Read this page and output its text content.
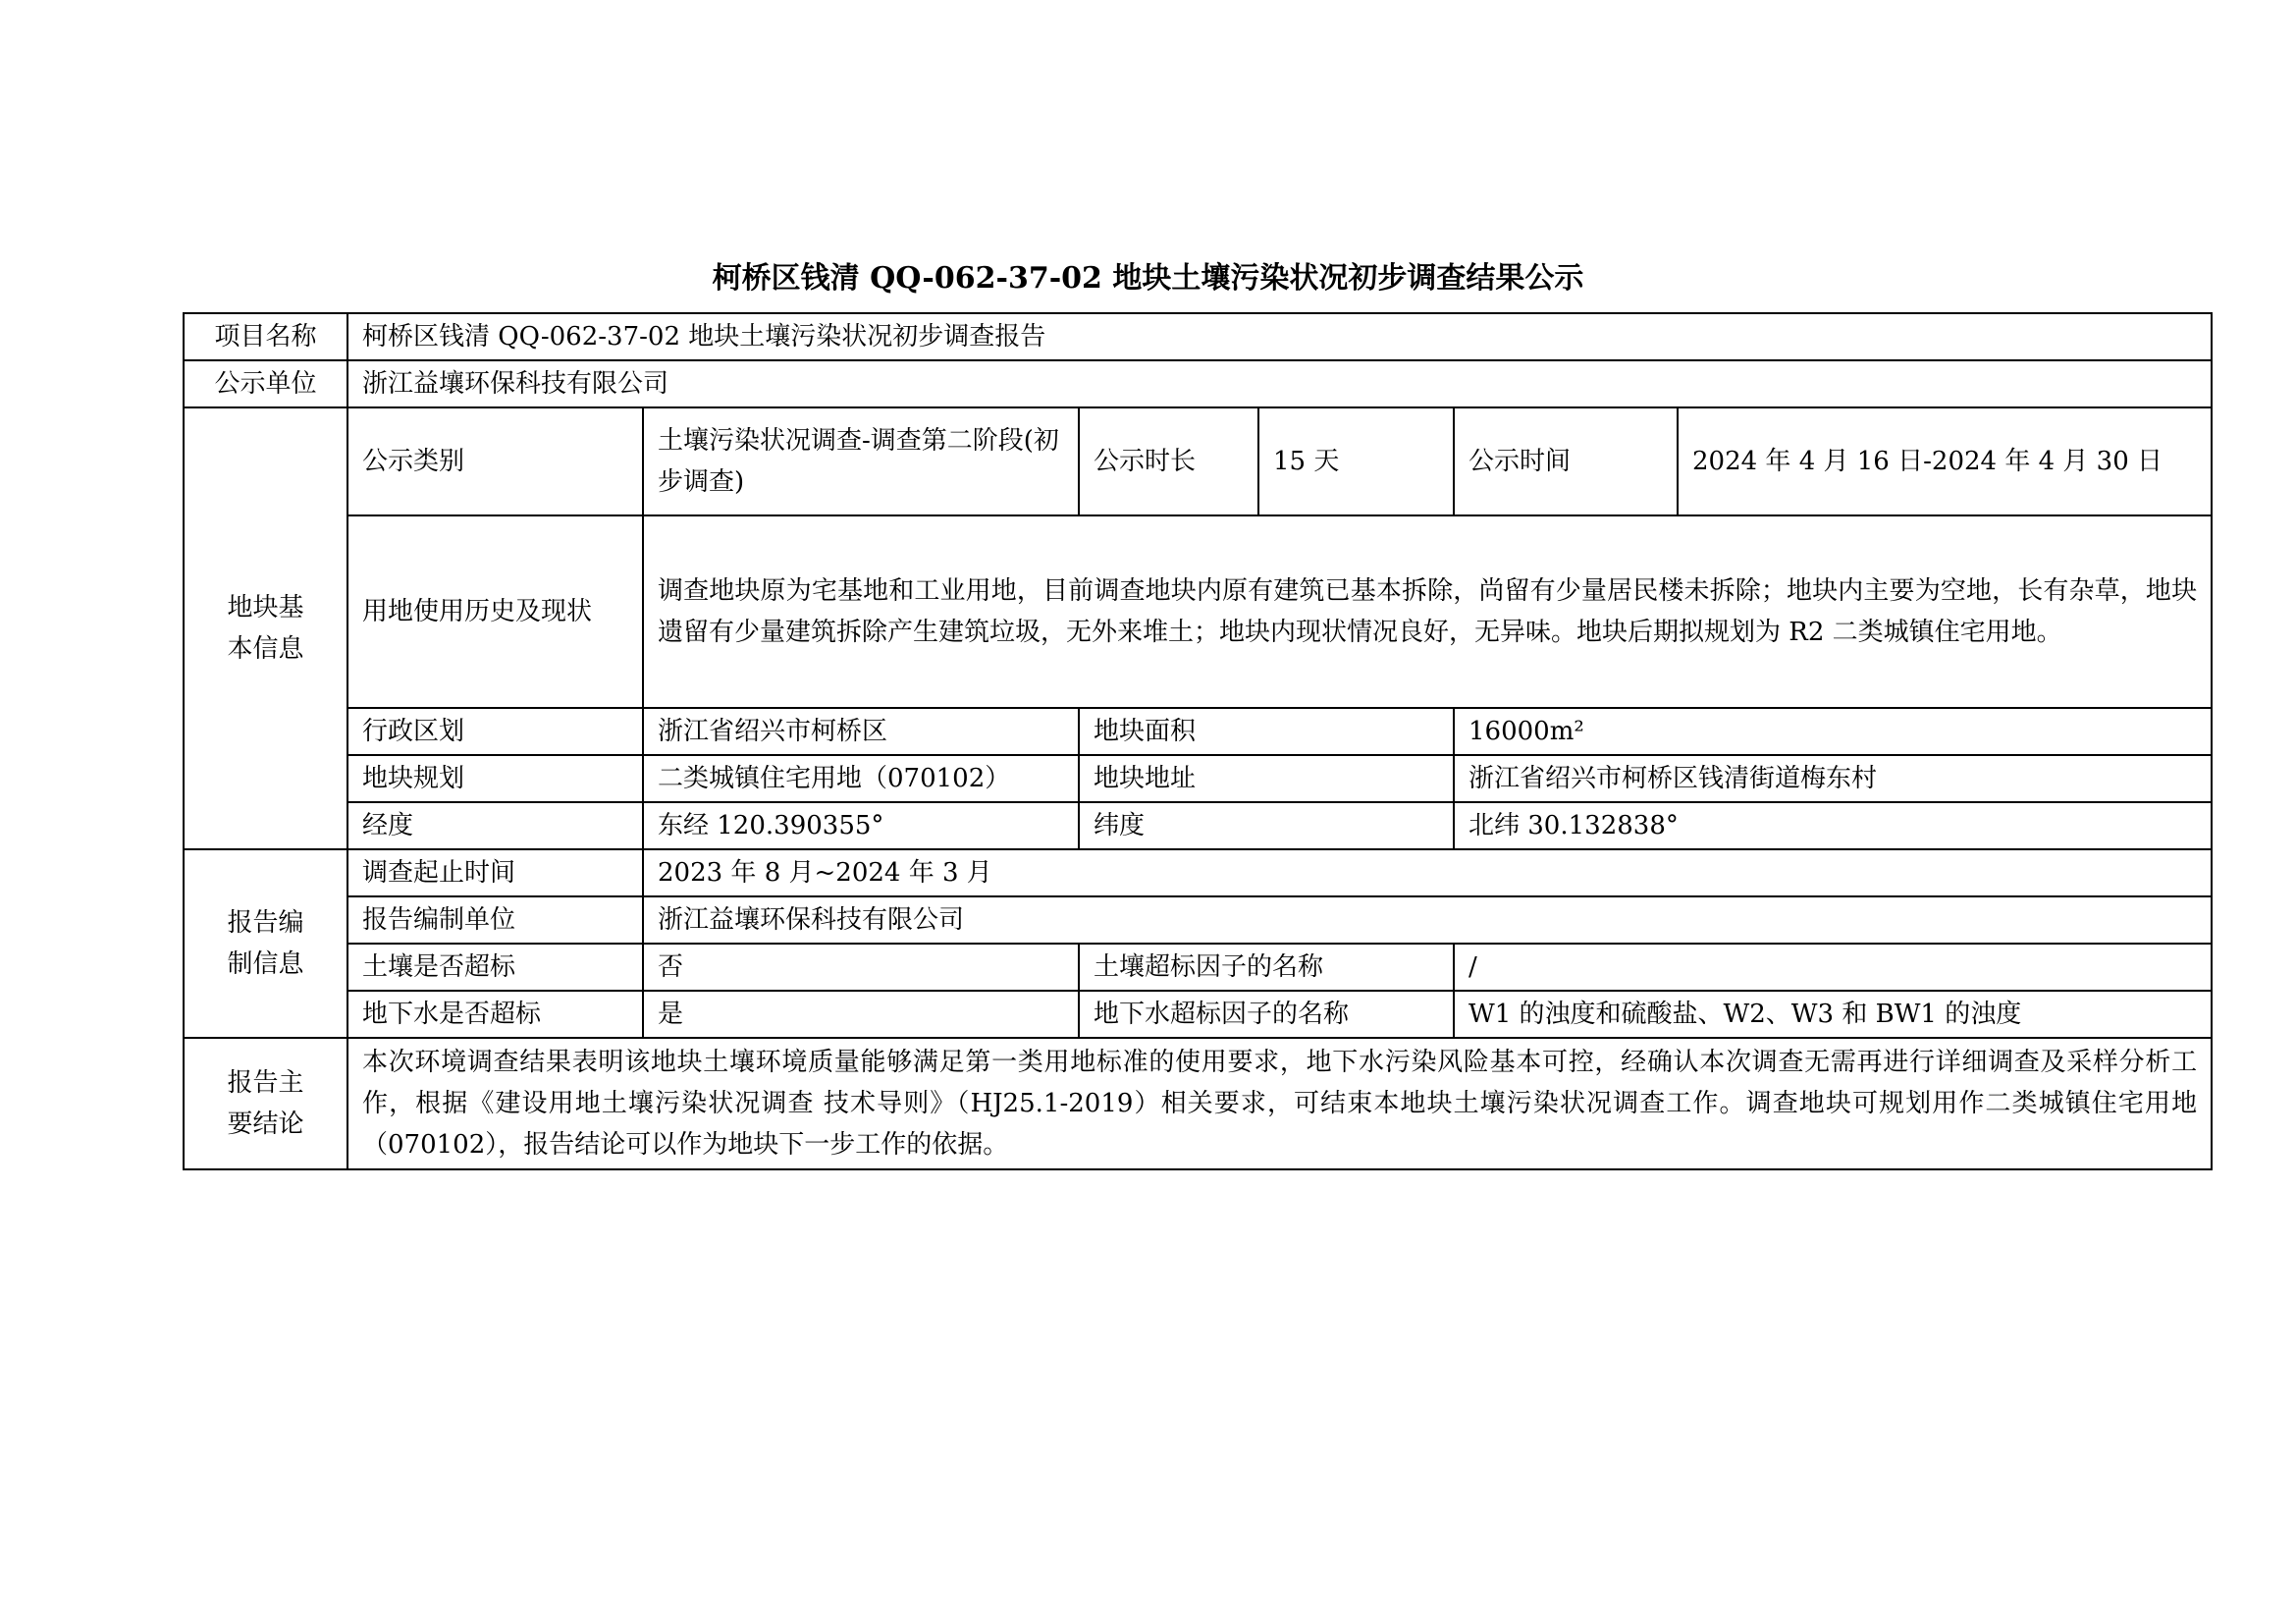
柯桥区钱清 QQ-062-37-02 地块土壤污染状况初步调查结果公示
项目名称	柯桥区钱清 QQ-062-37-02 地块土壤污染状况初步调查报告					
公示单位	浙江益壤环保科技有限公司					

地块基本信息	公示类别	土壤污染状况调查-调查第二阶段(初步调查)	公示时长	15 天	公示时间	2024 年 4 月 16 日-2024 年 4 月 30 日
	用地使用历史及现状	调查地块原为宅基地和工业用地，目前调查地块内原有建筑已基本拆除，尚留有少量居民楼未拆除；地块内主要为空地，长有杂草，地块遗留有少量建筑拆除产生建筑垃圾，无外来堆土；地块内现状情况良好，无异味。地块后期拟规划为 R2 二类城镇住宅用地。				
	行政区划	浙江省绍兴市柯桥区	地块面积		16000m²	
	地块规划	二类城镇住宅用地（070102）	地块地址		浙江省绍兴市柯桥区钱清街道梅东村	
	经度	东经 120.390355°	纬度		北纬 30.132838°	

报告编制信息	调查起止时间	2023 年 8 月~2024 年 3 月				
	报告编制单位	浙江益壤环保科技有限公司				
	土壤是否超标	否	土壤超标因子的名称		/	
	地下水是否超标	是	地下水超标因子的名称		W1 的浊度和硫酸盐、W2、W3 和 BW1 的浊度	

报告主要结论	本次环境调查结果表明该地块土壤环境质量能够满足第一类用地标准的使用要求，地下水污染风险基本可控，经确认本次调查无需再进行详细调查及采样分析工作，根据《建设用地土壤污染状况调查 技术导则》（HJ25.1-2019）相关要求，可结束本地块土壤污染状况调查工作。调查地块可规划用作二类城镇住宅用地（070102），报告结论可以作为地块下一步工作的依据。					
